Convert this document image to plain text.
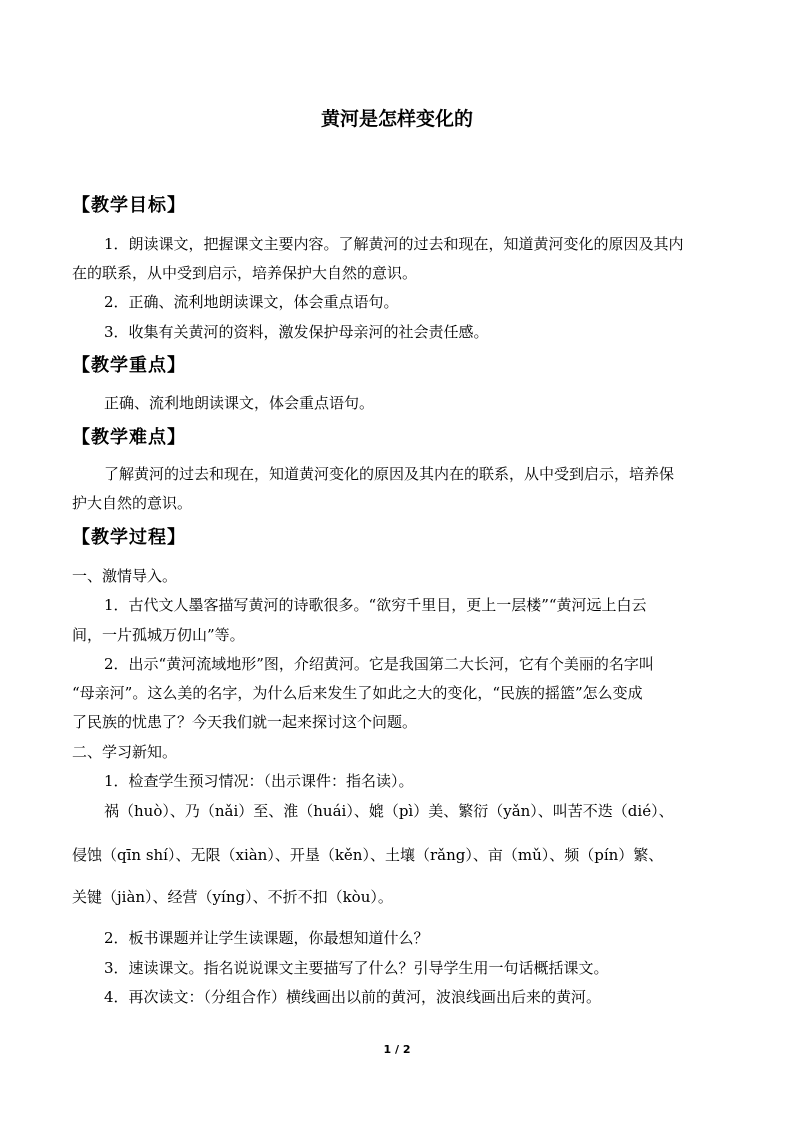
黄河是怎样变化的
【教学目标】
1．朗读课文，把握课文主要内容。了解黄河的过去和现在，知道黄河变化的原因及其内
在的联系，从中受到启示，培养保护大自然的意识。
2．正确、流利地朗读课文，体会重点语句。
3．收集有关黄河的资料，激发保护母亲河的社会责任感。
【教学重点】
正确、流利地朗读课文，体会重点语句。
【教学难点】
了解黄河的过去和现在，知道黄河变化的原因及其内在的联系，从中受到启示，培养保
护大自然的意识。
【教学过程】
一、激情导入。
1．古代文人墨客描写黄河的诗歌很多。“欲穷千里目，更上一层楼”“黄河远上白云
间，一片孤城万仞山”等。
2．出示“黄河流域地形”图，介绍黄河。它是我国第二大长河，它有个美丽的名字叫
“母亲河”。这么美的名字，为什么后来发生了如此之大的变化，“民族的摇篮”怎么变成
了民族的忧患了？今天我们就一起来探讨这个问题。
二、学习新知。
1．检查学生预习情况：（出示课件：指名读）。
祸（huò）、乃（nǎi）至、淮（huái）、媲（pì）美、繁衍（yǎn）、叫苦不迭（dié）、
侵蚀（qīn shí）、无限（xiàn）、开垦（kěn）、土壤（rǎng）、亩（mǔ）、频（pín）繁、
关键（jiàn）、经营（yíng）、不折不扣（kòu）。
2．板书课题并让学生读课题，你最想知道什么？
3．速读课文。指名说说课文主要描写了什么？引导学生用一句话概括课文。
4．再次读文：（分组合作）横线画出以前的黄河，波浪线画出后来的黄河。
1 / 2
